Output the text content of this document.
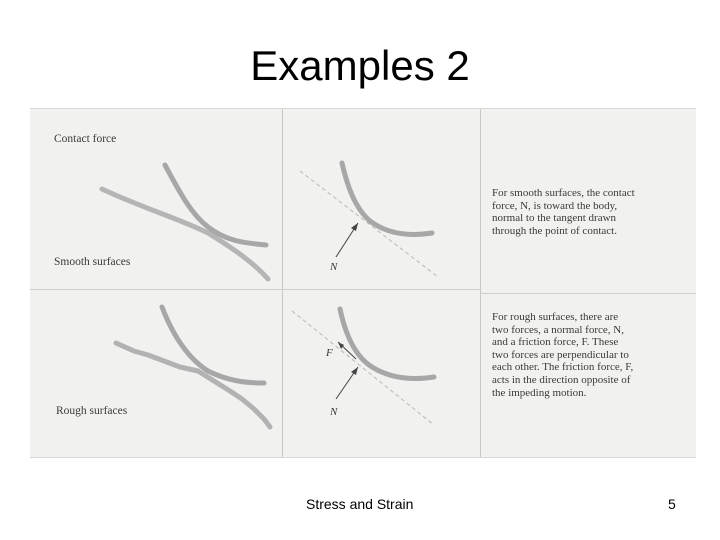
Examples 2
Contact force
Smooth surfaces
Rough surfaces
N
F
N
For smooth surfaces, the contact
force, N, is toward the body,
normal to the tangent drawn
through the point of contact.
For rough surfaces, there are
two forces, a normal force, N,
and a friction force, F. These
two forces are perpendicular to
each other. The friction force, F,
acts in the direction opposite of
the impeding motion.
Stress and Strain	5
